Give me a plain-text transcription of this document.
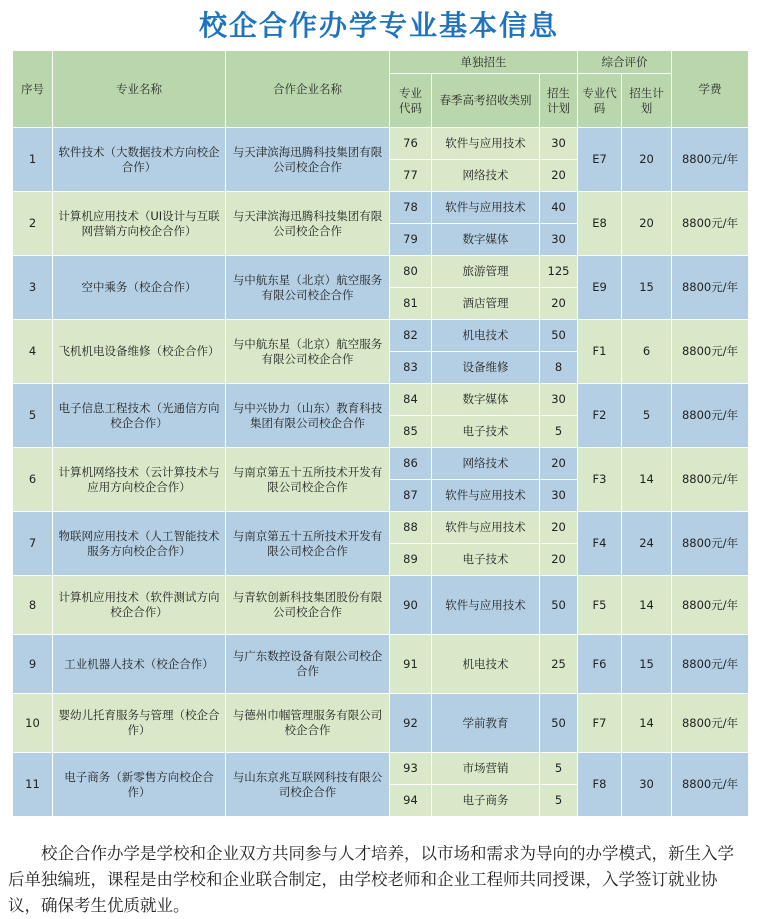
校企合作办学专业基本信息
序号	专业名称	合作企业名称	单独招生			综合评价		学费
			专业代码	春季高考招收类别	招生计划	专业代码	招生计划	
1	软件技术（大数据技术方向校企合作）	与天津滨海迅腾科技集团有限公司校企合作	76	软件与应用技术	30	E7	20	8800元/年
			77	网络技术	20			
2	计算机应用技术（UI设计与互联网营销方向校企合作）	与天津滨海迅腾科技集团有限公司校企合作	78	软件与应用技术	40	E8	20	8800元/年
			79	数字媒体	30			
3	空中乘务（校企合作）	与中航东星（北京）航空服务有限公司校企合作	80	旅游管理	125	E9	15	8800元/年
			81	酒店管理	20			
4	飞机机电设备维修（校企合作）	与中航东星（北京）航空服务有限公司校企合作	82	机电技术	50	F1	6	8800元/年
			83	设备维修	8			
5	电子信息工程技术（光通信方向校企合作）	与中兴协力（山东）教育科技集团有限公司校企合作	84	数字媒体	30	F2	5	8800元/年
			85	电子技术	5			
6	计算机网络技术（云计算技术与应用方向校企合作）	与南京第五十五所技术开发有限公司校企合作	86	网络技术	20	F3	14	8800元/年
			87	软件与应用技术	30			
7	物联网应用技术（人工智能技术服务方向校企合作）	与南京第五十五所技术开发有限公司校企合作	88	软件与应用技术	20	F4	24	8800元/年
			89	电子技术	20			
8	计算机应用技术（软件测试方向校企合作）	与青软创新科技集团股份有限公司校企合作	90	软件与应用技术	50	F5	14	8800元/年
9	工业机器人技术（校企合作）	与广东数控设备有限公司校企合作	91	机电技术	25	F6	15	8800元/年
10	婴幼儿托育服务与管理（校企合作）	与德州巾帼管理服务有限公司校企合作	92	学前教育	50	F7	14	8800元/年
11	电子商务（新零售方向校企合作）	与山东京兆互联网科技有限公司校企合作	93	市场营销	5	F8	30	8800元/年
			94	电子商务	5			

校企合作办学是学校和企业双方共同参与人才培养，以市场和需求为导向的办学模式，新生入学后单独编班，课程是由学校和企业联合制定，由学校老师和企业工程师共同授课，入学签订就业协议，确保考生优质就业。
